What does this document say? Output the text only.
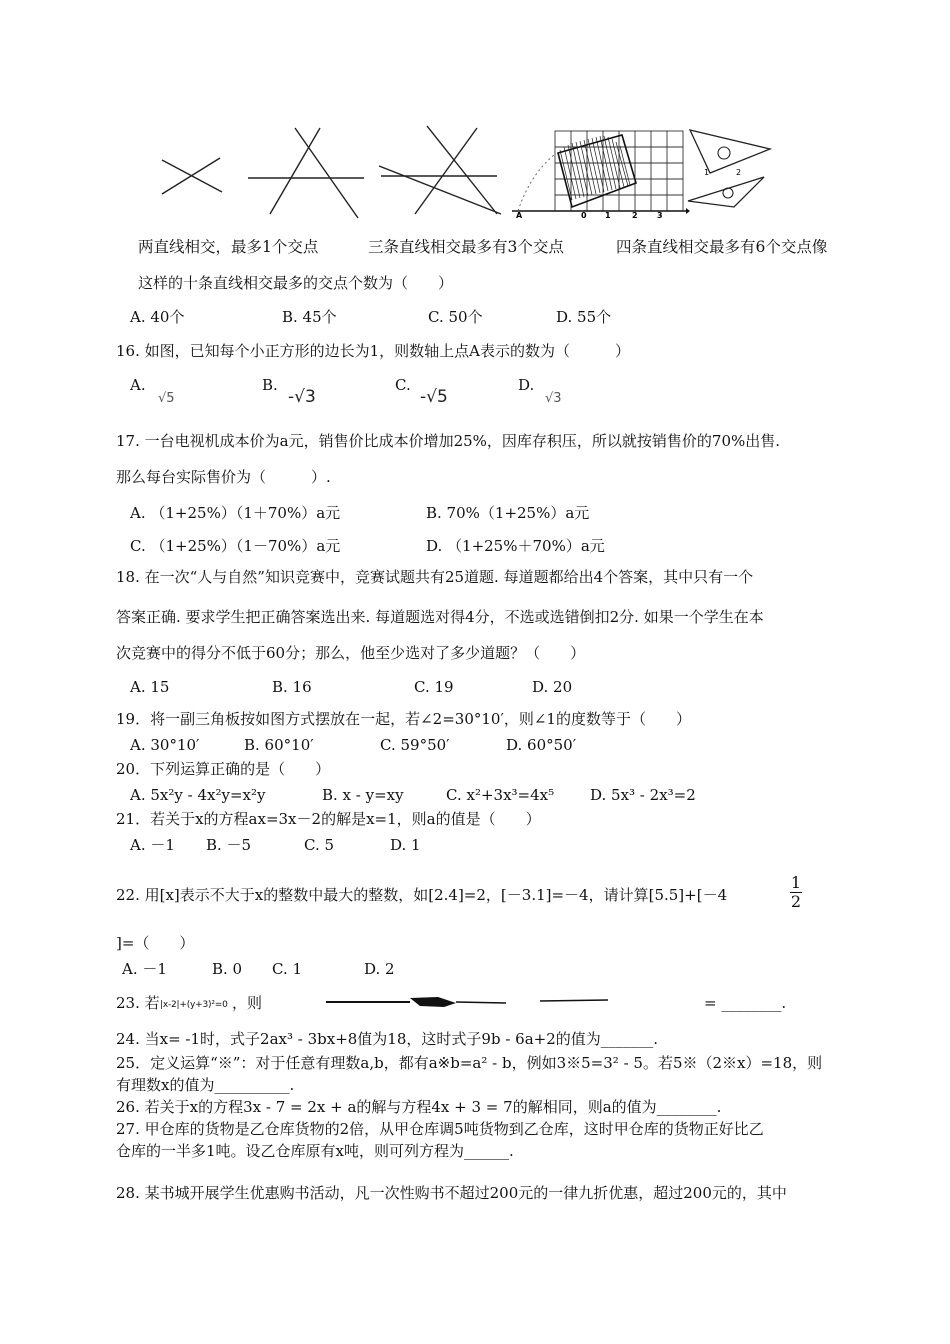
A	0 1	2 3
1	2
两直线相交，最多1个交点	三条直线相交最多有3个交点	四条直线相交最多有6个交点像
这样的十条直线相交最多的交点个数为（　　）
A. 40个	B. 45个	C. 50个	D. 55个
16. 如图，已知每个小正方形的边长为1，则数轴上点A表示的数为（　　　）
A.
√5
B.
-√3
C.
-√5
D.
√3
17. 一台电视机成本价为a元，销售价比成本价增加25%，因库存积压，所以就按销售价的70%出售.
那么每台实际售价为（　　　）.
A. （1+25%）（1＋70%）a元	B. 70%（1+25%）a元
C. （1+25%）（1－70%）a元	D. （1+25%＋70%）a元
18. 在一次“人与自然”知识竞赛中，竞赛试题共有25道题. 每道题都给出4个答案，其中只有一个
答案正确. 要求学生把正确答案选出来. 每道题选对得4分，不选或选错倒扣2分. 如果一个学生在本
次竞赛中的得分不低于60分；那么，他至少选对了多少道题？（　　）
A. 15	B. 16	C. 19	D. 20
19．将一副三角板按如图方式摆放在一起，若∠2=30°10′，则∠1的度数等于（　　）
A. 30°10′	B. 60°10′	C. 59°50′	D. 60°50′
20．下列运算正确的是（　　）
A. 5x²y - 4x²y=x²y	B. x - y=xy	C. x²+3x³=4x⁵ D. 5x³ - 2x³=2
21．若关于x的方程ax=3x－2的解是x=1，则a的值是（　　）
A. －1 B. －5	C. 5	D. 1
22. 用[x]表示不大于x的整数中最大的整数，如[2.4]=2，[－3.1]=－4，请计算[5.5]+[－4	$\frac{1}{2}$
]=（　　）
A. －1	B. 0 C. 1	D. 2
23. 若 |x-2|+(y+3)²=0 ，则	= ________.
24. 当x= -1时，式子2ax³ - 3bx+8值为18，这时式子9b - 6a+2的值为_______.
25．定义运算“※”：对于任意有理数a,b，都有a※b=a² - b，例如3※5=3² - 5。若5※（2※x）=18，则
有理数x的值为__________.
26. 若关于x的方程3x - 7 = 2x + a的解与方程4x + 3 = 7的解相同，则a的值为________.
27. 甲仓库的货物是乙仓库货物的2倍，从甲仓库调5吨货物到乙仓库，这时甲仓库的货物正好比乙
仓库的一半多1吨。设乙仓库原有x吨，则可列方程为______.
28. 某书城开展学生优惠购书活动，凡一次性购书不超过200元的一律九折优惠，超过200元的，其中
